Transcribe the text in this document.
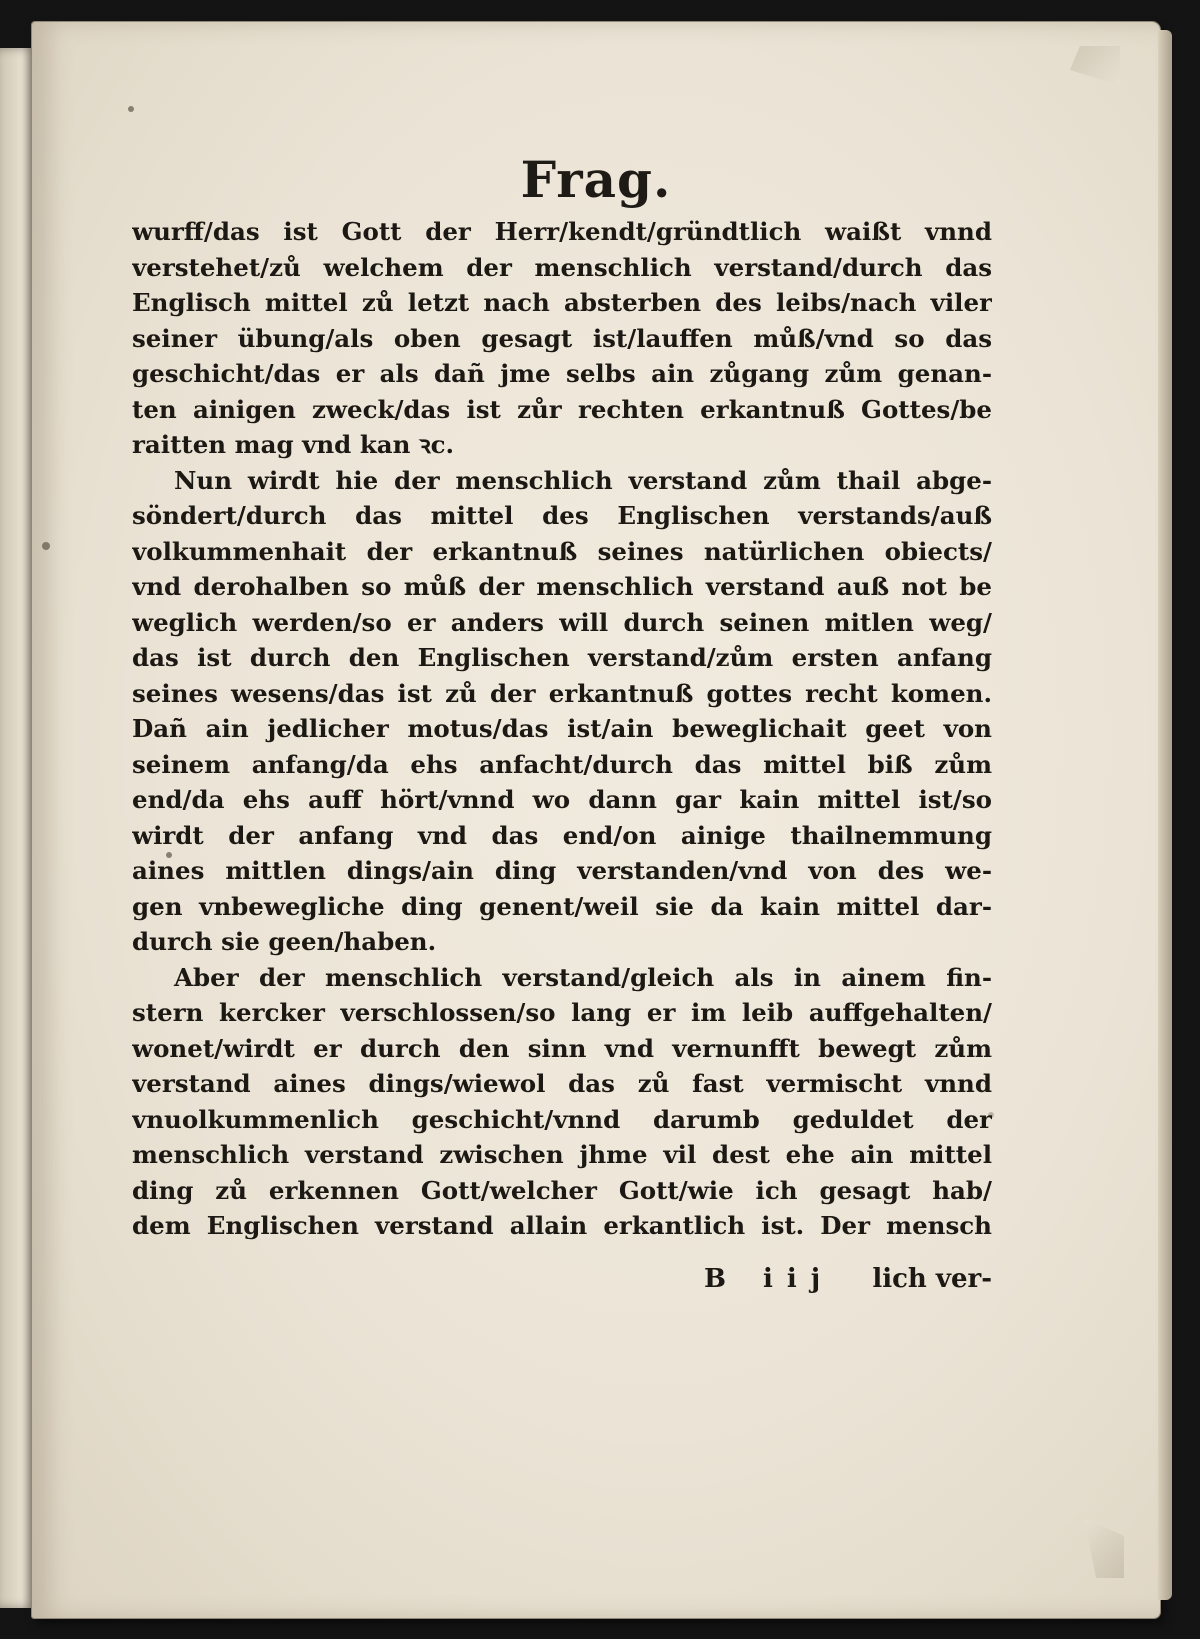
Frag.
wurff/das ist Gott der Herr/kendt/gründtlich waißt vnnd
verstehet/zů welchem der menschlich verstand/durch das
Englisch mittel zů letzt nach absterben des leibs/nach viler
seiner übung/als oben gesagt ist/lauffen můß/vnd so das
geschicht/das er als dañ jme selbs ain zůgang zům genan-
ten ainigen zweck/das ist zůr rechten erkantnuß Gottes/be
raitten mag vnd kan ꝛc.
Nun wirdt hie der menschlich verstand zům thail abge-
söndert/durch das mittel des Englischen verstands/auß
volkummenhait der erkantnuß seines natürlichen obiects/
vnd derohalben so můß der menschlich verstand auß not be
weglich werden/so er anders will durch seinen mitlen weg/
das ist durch den Englischen verstand/zům ersten anfang
seines wesens/das ist zů der erkantnuß gottes recht komen.
Dañ ain jedlicher motus/das ist/ain beweglichait geet von
seinem anfang/da ehs anfacht/durch das mittel biß zům
end/da ehs auff hört/vnnd wo dann gar kain mittel ist/so
wirdt der anfang vnd das end/on ainige thailnemmung
aines mittlen dings/ain ding verstanden/vnd von des we-
gen vnbewegliche ding genent/weil sie da kain mittel dar-
durch sie geen/haben.
Aber der menschlich verstand/gleich als in ainem fin-
stern kercker verschlossen/so lang er im leib auffgehalten/
wonet/wirdt er durch den sinn vnd vernunfft bewegt zům
verstand aines dings/wiewol das zů fast vermischt vnnd
vnuolkummenlich geschicht/vnnd darumb geduldet der
menschlich verstand zwischen jhme vil dest ehe ain mittel
ding zů erkennen Gott/welcher Gott/wie ich gesagt hab/
dem Englischen verstand allain erkantlich ist. Der mensch
B iij lich ver-
